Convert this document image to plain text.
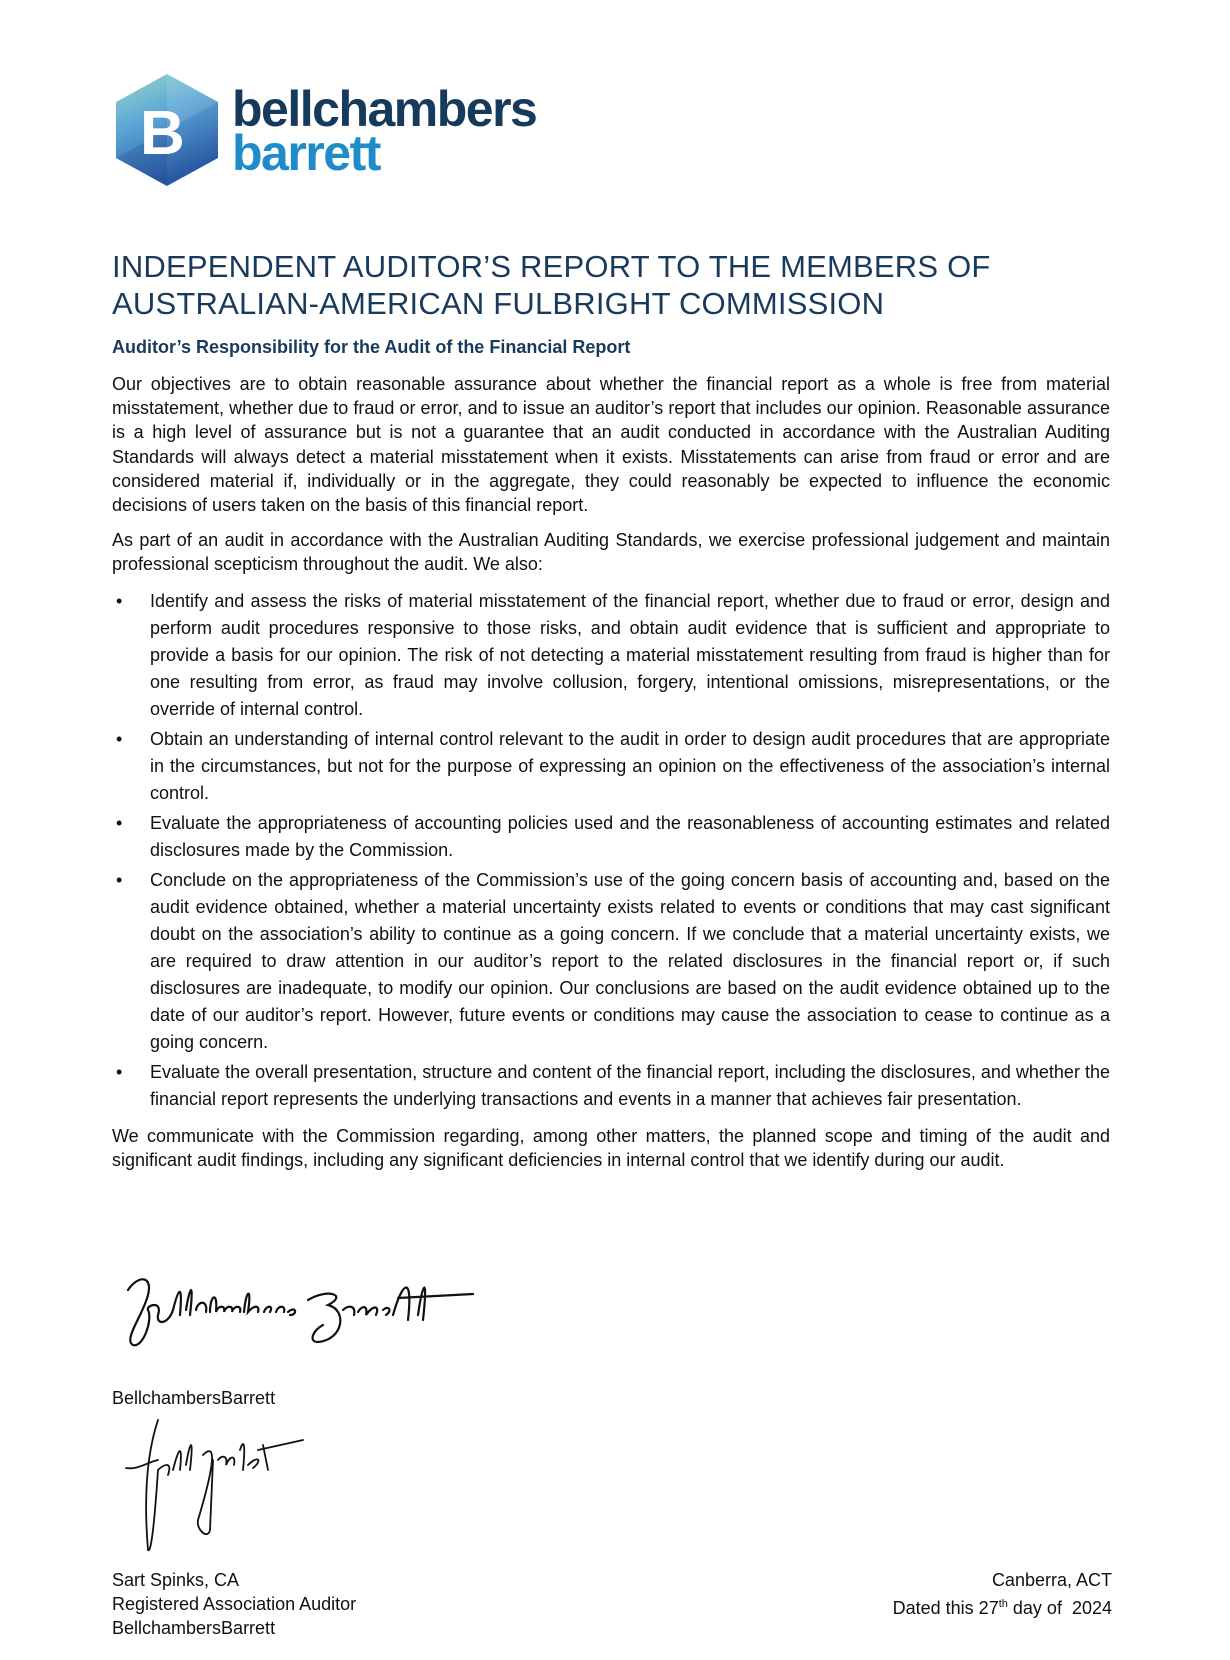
B bellchambers
barrett
INDEPENDENT AUDITOR’S REPORT TO THE MEMBERS OF
AUSTRALIAN-AMERICAN FULBRIGHT COMMISSION
Auditor’s Responsibility for the Audit of the Financial Report

Our objectives are to obtain reasonable assurance about whether the financial report as a whole is free from material misstatement, whether due to fraud or error, and to issue an auditor’s report that includes our opinion. Reasonable assurance is a high level of assurance but is not a guarantee that an audit conducted in accordance with the Australian Auditing Standards will always detect a material misstatement when it exists. Misstatements can arise from fraud or error and are considered material if, individually or in the aggregate, they could reasonably be expected to influence the economic decisions of users taken on the basis of this financial report.

As part of an audit in accordance with the Australian Auditing Standards, we exercise professional judgement and maintain professional scepticism throughout the audit. We also:

• Identify and assess the risks of material misstatement of the financial report, whether due to fraud or error, design and perform audit procedures responsive to those risks, and obtain audit evidence that is sufficient and appropriate to provide a basis for our opinion. The risk of not detecting a material misstatement resulting from fraud is higher than for one resulting from error, as fraud may involve collusion, forgery, intentional omissions, misrepresentations, or the override of internal control.
• Obtain an understanding of internal control relevant to the audit in order to design audit procedures that are appropriate in the circumstances, but not for the purpose of expressing an opinion on the effectiveness of the association’s internal control.
• Evaluate the appropriateness of accounting policies used and the reasonableness of accounting estimates and related disclosures made by the Commission.
• Conclude on the appropriateness of the Commission’s use of the going concern basis of accounting and, based on the audit evidence obtained, whether a material uncertainty exists related to events or conditions that may cast significant doubt on the association’s ability to continue as a going concern. If we conclude that a material uncertainty exists, we are required to draw attention in our auditor’s report to the related disclosures in the financial report or, if such disclosures are inadequate, to modify our opinion. Our conclusions are based on the audit evidence obtained up to the date of our auditor’s report. However, future events or conditions may cause the association to cease to continue as a going concern.
• Evaluate the overall presentation, structure and content of the financial report, including the disclosures, and whether the financial report represents the underlying transactions and events in a manner that achieves fair presentation.

We communicate with the Commission regarding, among other matters, the planned scope and timing of the audit and significant audit findings, including any significant deficiencies in internal control that we identify during our audit.

BellchambersBarrett
Sart Spinks, CA
Registered Association Auditor
BellchambersBarrett
Canberra, ACT
Dated this 27th day of  2024
